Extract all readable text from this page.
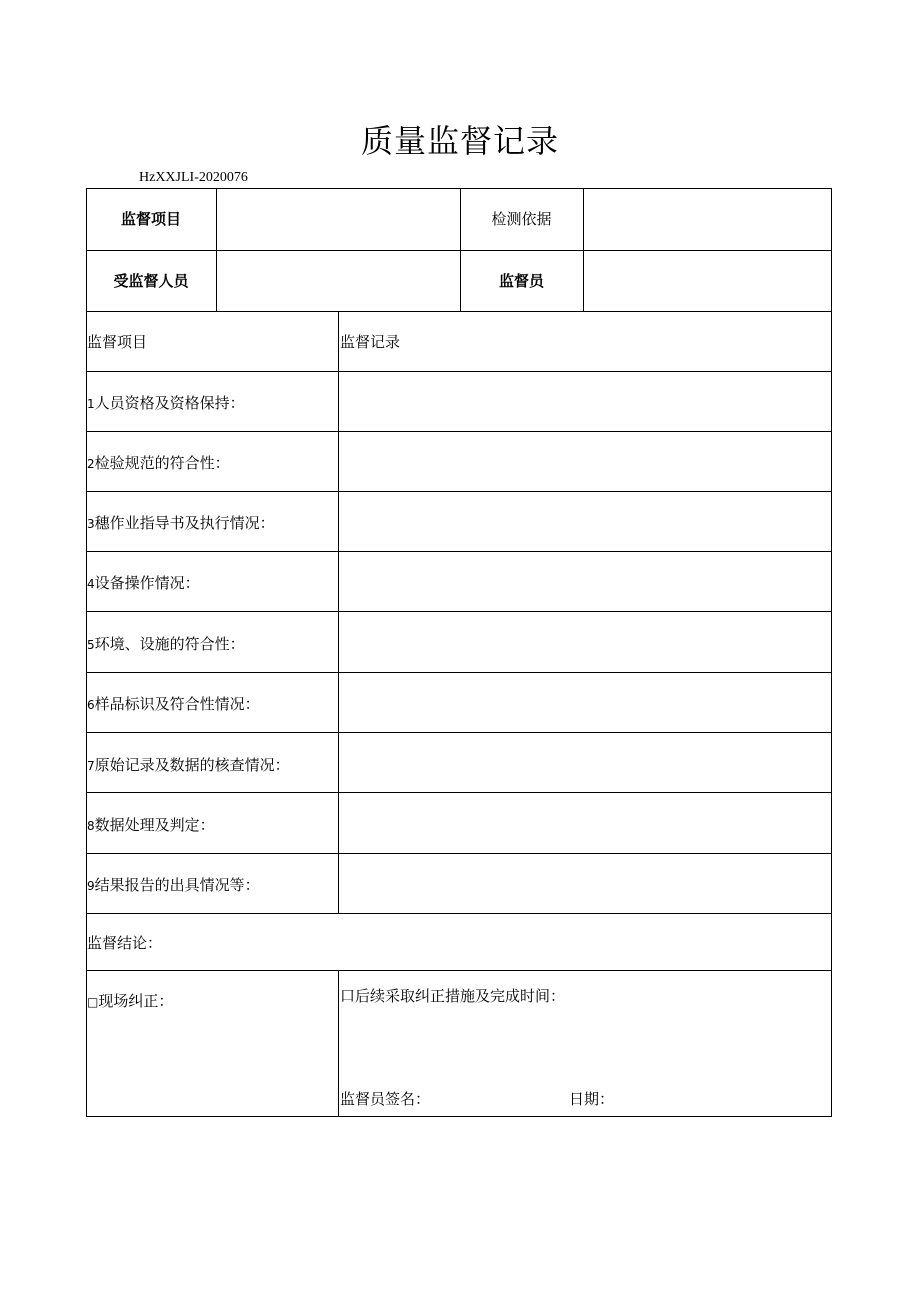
质量监督记录
HzXXJLI-2020076
监督项目	检测依据
受监督人员	监督员
监督项目	监督记录
1人员资格及资格保持：
2检验规范的符合性：
3穗作业指导书及执行情况：
4设备操作情况：
5环境、设施的符合性：
6样品标识及符合性情况：
7原始记录及数据的核查情况：
8数据处理及判定：
9结果报告的出具情况等：
监督结论：
□现场纠正：	口后续采取纠正措施及完成时间：
监督员签名：	日期：
